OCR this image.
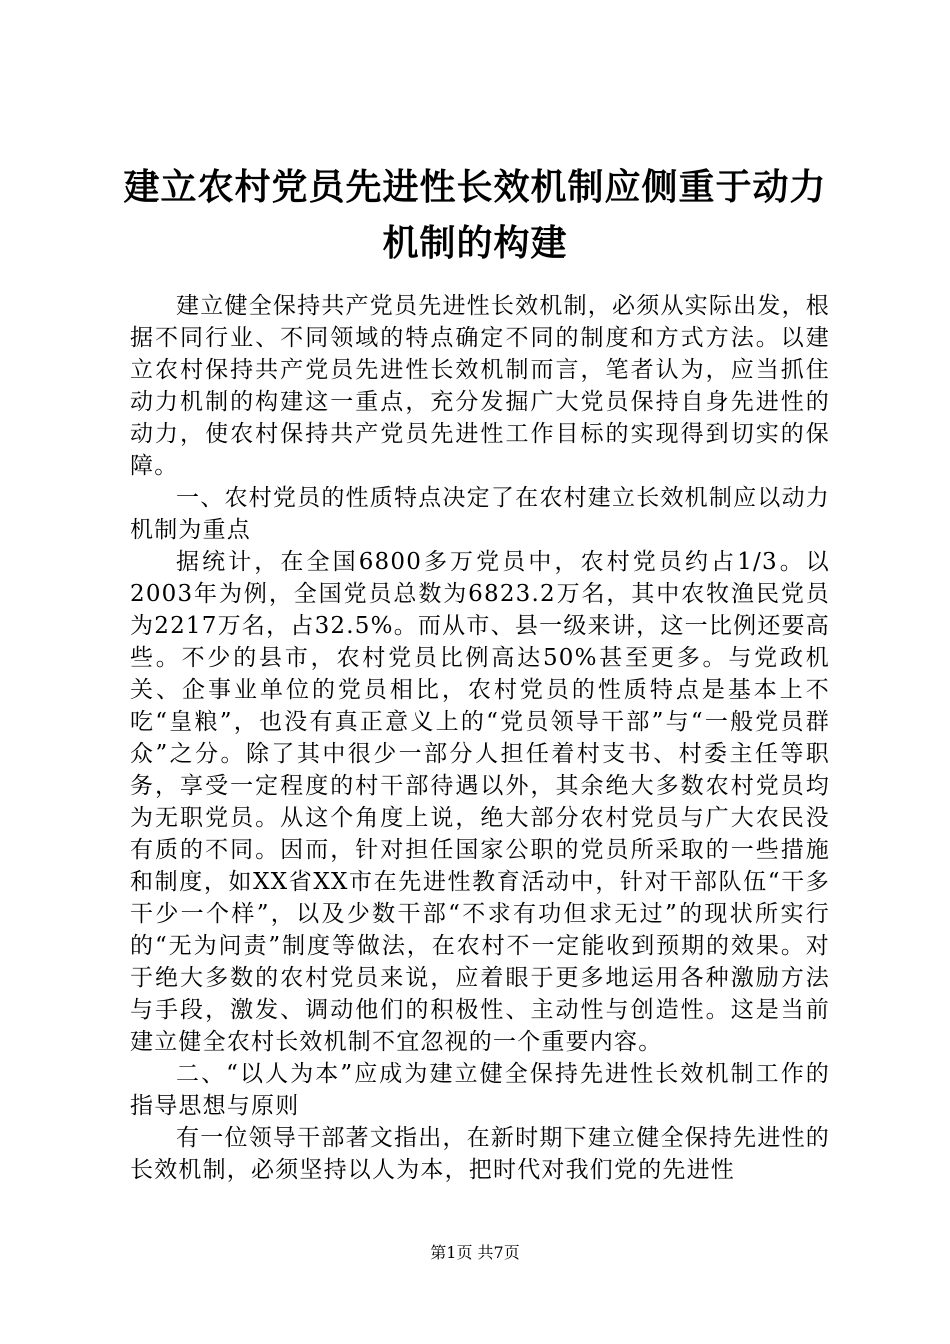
建立农村党员先进性长效机制应侧重于动力机制的构建

建立健全保持共产党员先进性长效机制，必须从实际出发，根据不同行业、不同领域的特点确定不同的制度和方式方法。以建立农村保持共产党员先进性长效机制而言，笔者认为，应当抓住动力机制的构建这一重点，充分发掘广大党员保持自身先进性的动力，使农村保持共产党员先进性工作目标的实现得到切实的保障。

一、农村党员的性质特点决定了在农村建立长效机制应以动力机制为重点

据统计，在全国6800多万党员中，农村党员约占1/3。以2003年为例，全国党员总数为6823.2万名，其中农牧渔民党员为2217万名，占32.5%。而从市、县一级来讲，这一比例还要高些。不少的县市，农村党员比例高达50%甚至更多。与党政机关、企事业单位的党员相比，农村党员的性质特点是基本上不吃“皇粮”，也没有真正意义上的“党员领导干部”与“一般党员群众”之分。除了其中很少一部分人担任着村支书、村委主任等职务，享受一定程度的村干部待遇以外，其余绝大多数农村党员均为无职党员。从这个角度上说，绝大部分农村党员与广大农民没有质的不同。因而，针对担任国家公职的党员所采取的一些措施和制度，如XX省XX市在先进性教育活动中，针对干部队伍“干多干少一个样”，以及少数干部“不求有功但求无过”的现状所实行的“无为问责”制度等做法，在农村不一定能收到预期的效果。对于绝大多数的农村党员来说，应着眼于更多地运用各种激励方法与手段，激发、调动他们的积极性、主动性与创造性。这是当前建立健全农村长效机制不宜忽视的一个重要内容。

二、“以人为本”应成为建立健全保持先进性长效机制工作的指导思想与原则

有一位领导干部著文指出，在新时期下建立健全保持先进性的长效机制，必须坚持以人为本，把时代对我们党的先进性

第1页 共7页
